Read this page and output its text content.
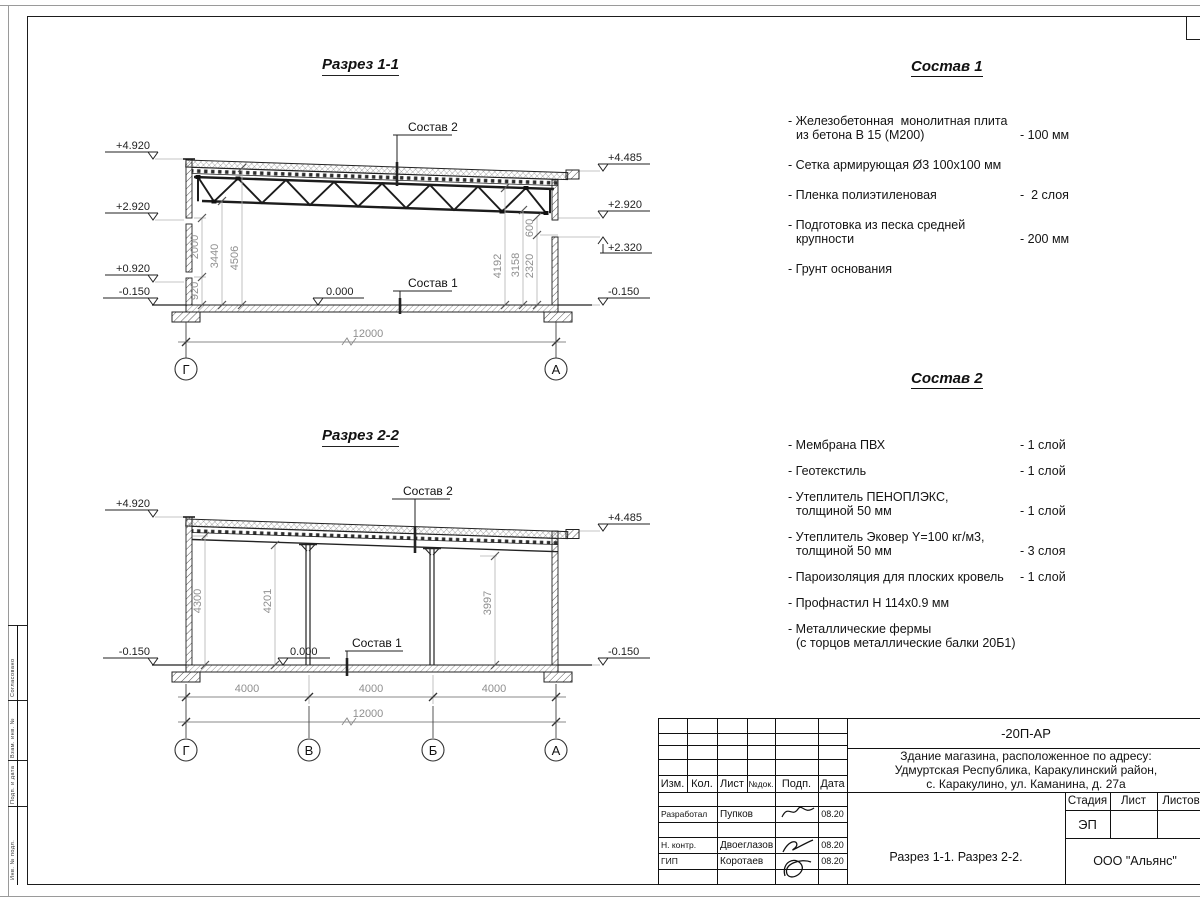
Согласовано
Взам. инв. №
Подп. и дата
Инв. № подл.
Разрез 1-1
Разрез 2-2
Состав 1
- Железобетонная  монолитная плита
из бетона В 15 (М200)	- 100 мм
- Сетка армирующая Ø3 100х100 мм
- Пленка полиэтиленовая	-  2 слоя
- Подготовка из песка средней
крупности	- 200 мм
- Грунт основания
Состав 2
- Мембрана ПВХ	- 1 слой
- Геотекстиль	- 1 слой
- Утеплитель ПЕНОПЛЭКС,
толщиной 50 мм	- 1 слой
- Утеплитель Эковер Y=100 кг/м3,
толщиной 50 мм	- 3 слоя
- Пароизоляция для плоских кровель	- 1 слой
- Профнастил Н 114х0.9 мм
- Металлические фермы
(с торцов металлические балки 20Б1)
+4.920
+2.920
+0.920
-0.150
+4.485
+2.920
+2.320
-0.150
920
2000 3440 4506	4192 3158 2320
600
0.000
Состав 2
Состав 1
12000
Г	А
+4.920
-0.150
+4.485
-0.150
4300	4201	3997
0.000
Состав 2
Состав 1
4000	4000	4000
12000
Г	В	Б	А
Изм. Кол. Лист №док. Подп. Дата
Разработал	Пупков	08.20
Н. контр.	Двоеглазов	08.20
ГИП	Коротаев	08.20
-20П-АР
Здание магазина, расположенное по адресу:
Удмуртская Республика, Каракулинский район,
с. Каракулино, ул. Каманина, д. 27а
Стадия	Лист	Листов
ЭП
Разрез 1-1. Разрез 2-2.	ООО "Альянс"
